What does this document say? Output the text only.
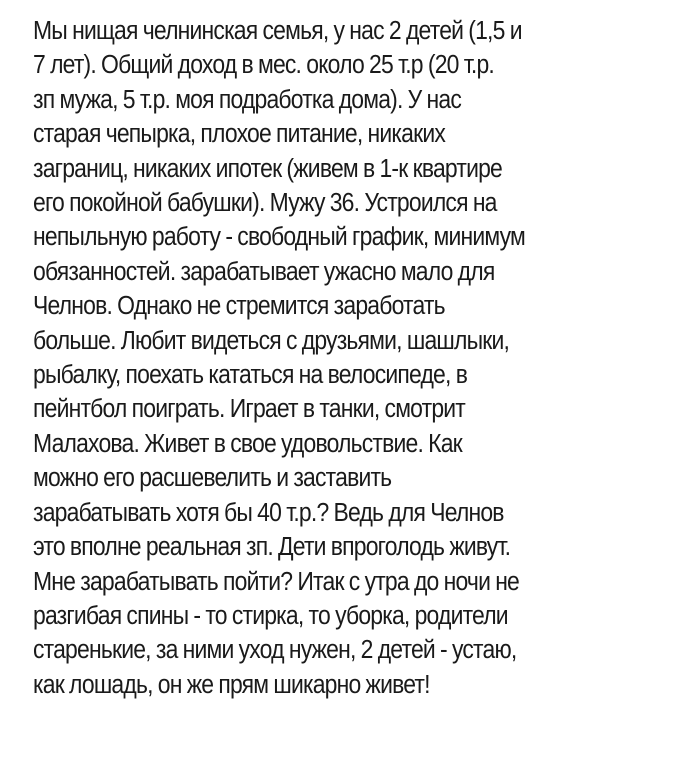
Мы нищая челнинская семья, у нас 2 детей (1,5 и
7 лет). Общий доход в мес. около 25 т.р (20 т.р.
зп мужа, 5 т.р. моя подработка дома). У нас
старая чепырка, плохое питание, никаких
заграниц, никаких ипотек (живем в 1-к квартире
его покойной бабушки). Мужу 36. Устроился на
непыльную работу - свободный график, минимум
обязанностей. зарабатывает ужасно мало для
Челнов. Однако не стремится заработать
больше. Любит видеться с друзьями, шашлыки,
рыбалку, поехать кататься на велосипеде, в
пейнтбол поиграть. Играет в танки, смотрит
Малахова. Живет в свое удовольствие. Как
можно его расшевелить и заставить
зарабатывать хотя бы 40 т.р.? Ведь для Челнов
это вполне реальная зп. Дети впроголодь живут.
Мне зарабатывать пойти? Итак с утра до ночи не
разгибая спины - то стирка, то уборка, родители
старенькие, за ними уход нужен, 2 детей - устаю,
как лошадь, он же прям шикарно живет!
